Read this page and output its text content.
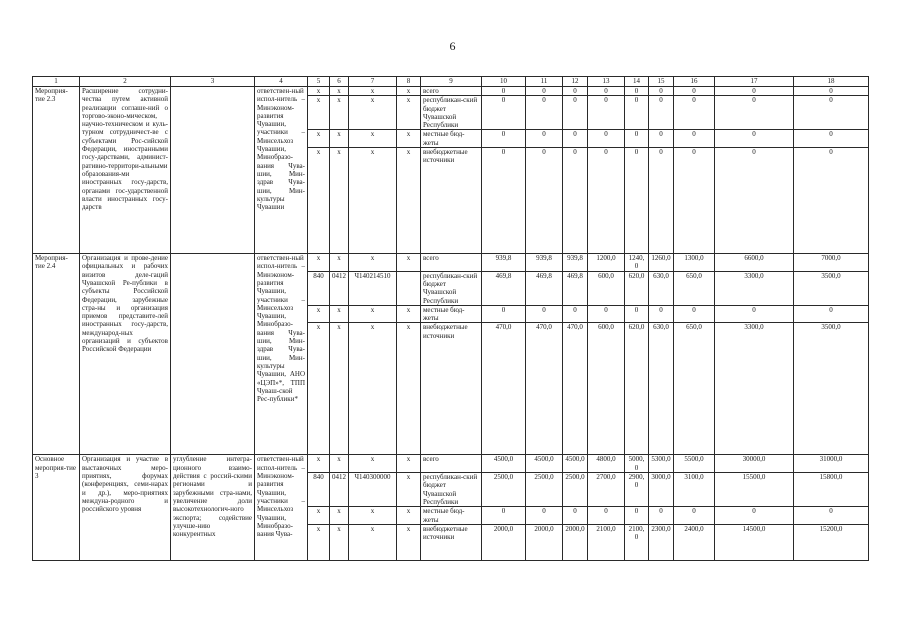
6
1	2	3	4	5	6	7	8	9	10	11	12	13	14	15	16	17	18
Мероприя-тие 2.3	Расширение сотрудни-чества путем активной реализации соглаше-ний о торгово-эконо-мическом, научно-техническом и куль-турном сотрудничест-ве с субъектами Рос-сийской Федерации, иностранными госу-дарствами, админист-ративно-территори-альными образования-ми иностранных госу-дарств, органами гос-ударственной власти иностранных госу-дарств		ответствен-ный испол-нитель – Минэконом-развития Чувашии, участники – Минсельхоз Чувашии, Минобразо-вания Чува-шии, Мин-здрав Чува-шии, Мин-культуры Чувашии	х	х	х	х	всего	0	0	0	0	0	0	0	0	0
				х	х	х	х	республикан-ский бюджет Чувашской Республики	0	0	0	0	0	0	0	0	0
				х	х	х	х	местные бюд-жеты	0	0	0	0	0	0	0	0	0
				х	х	х	х	внебюджетные источники	0	0	0	0	0	0	0	0	0
Мероприя-тие 2.4	Организация и прове-дение официальных и рабочих визитов деле-гаций Чувашской Ре-публики в субъекты Российской Федерации, зарубежные стра-ны и организация приемов представите-лей иностранных госу-дарств, международ-ных организаций и субъектов Российской Федерации		ответствен-ный испол-нитель – Минэконом-развития Чувашии, участники – Минсельхоз Чувашии, Минобразо-вания Чува-шии, Мин-здрав Чува-шии, Мин-культуры Чувашии, АНО «ЦЭП»*, ТПП Чуваш-ской Рес-публики*	х	х	х	х	всего	939,8	939,8	939,8	1200,0	1240,0	1260,0	1300,0	6600,0	7000,0
				840	0412	Ч140214510		республикан-ский бюджет Чувашской Республики	469,8	469,8	469,8	600,0	620,0	630,0	650,0	3300,0	3500,0
				х	х	х	х	местные бюд-жеты	0	0	0	0	0	0	0	0	0
				х	х	х	х	внебюджетные источники	470,0	470,0	470,0	600,0	620,0	630,0	650,0	3300,0	3500,0
Основное мероприя-тие 3	Организация и участие в выставочных меро-приятиях, форумах (конференциях, семи-нарах и др.), меро-приятиях междуна-родного и российского уровня	углубление интегра-ционного взаимо-действия с россий-скими регионами и зарубежными стра-нами, увеличение доли высокотехнологич-ного экспорта; содействие улучше-нию конкурентных	ответствен-ный испол-нитель – Минэконом-развития Чувашии, участники – Минсельхоз Чувашии, Минобразо-вания Чува-	х	х	х	х	всего	4500,0	4500,0	4500,0	4800,0	5000,0	5300,0	5500,0	30000,0	31000,0
				840	0412	Ч140300000	х	республикан-ский бюджет Чувашской Республики	2500,0	2500,0	2500,0	2700,0	2900,0	3000,0	3100,0	15500,0	15800,0
				х	х	х	х	местные бюд-жеты	0	0	0	0	0	0	0	0	0
				х	х	х	х	внебюджетные источники	2000,0	2000,0	2000,0	2100,0	2100,0	2300,0	2400,0	14500,0	15200,0
